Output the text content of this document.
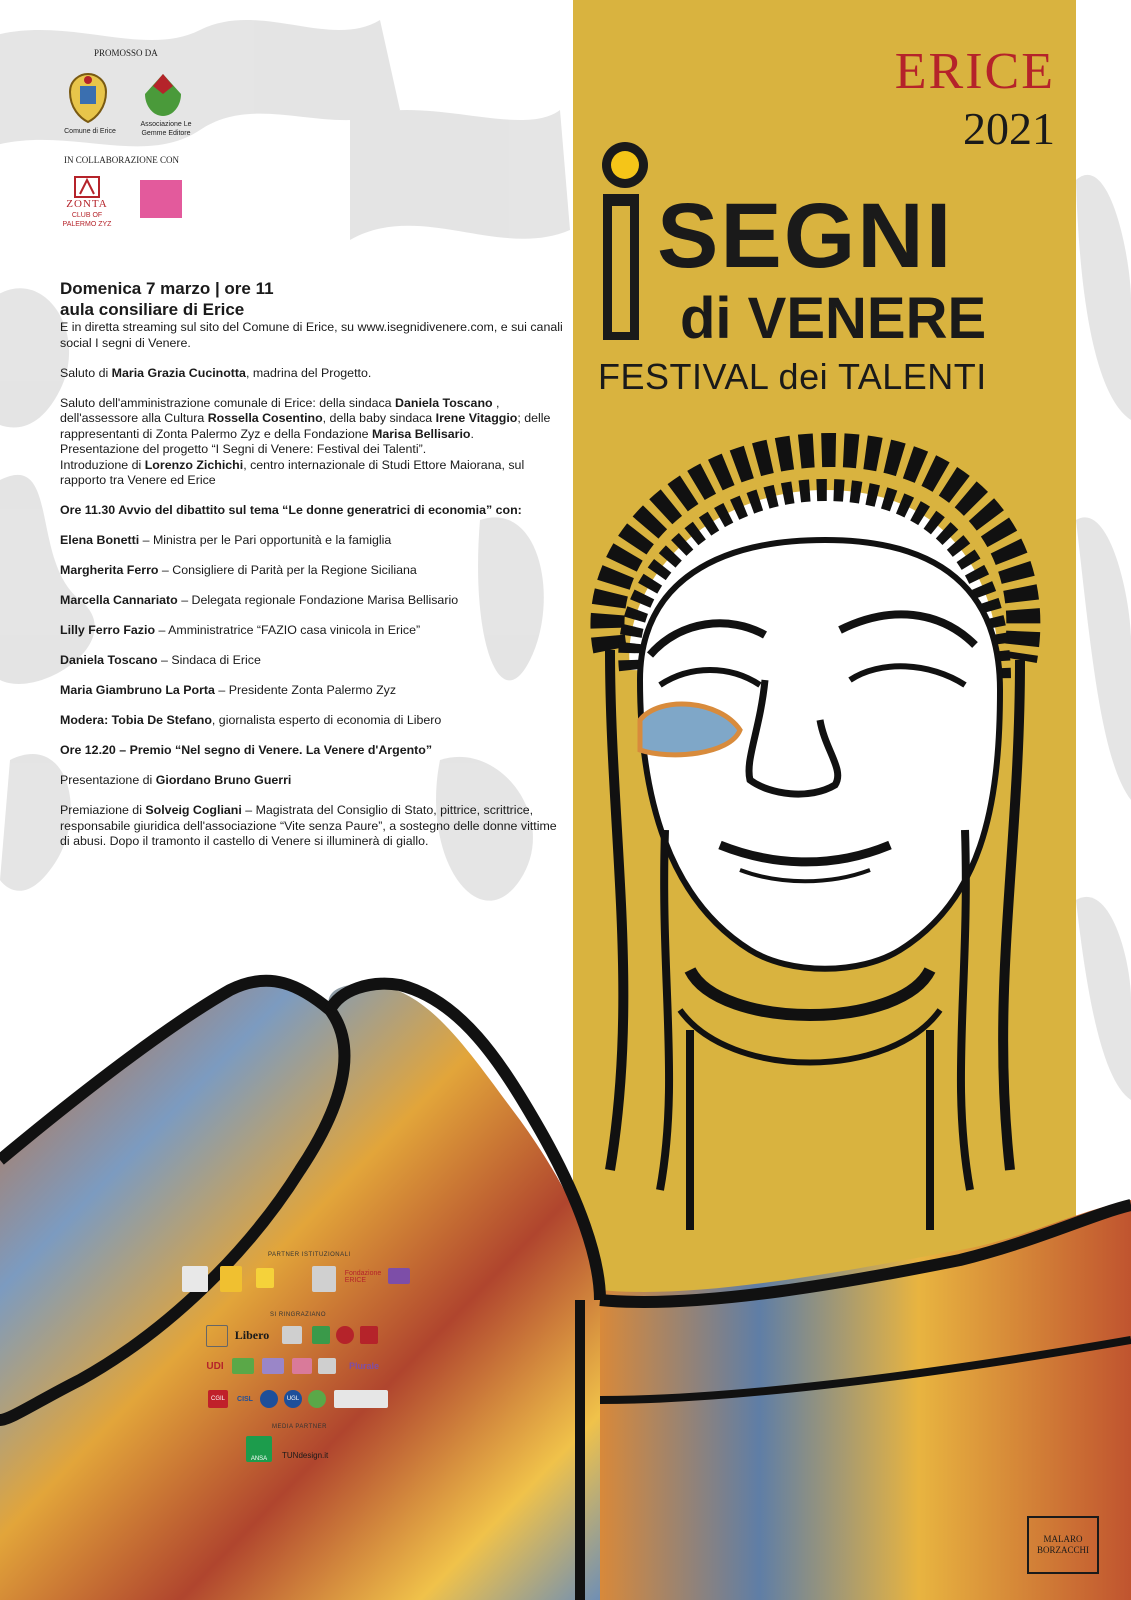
PROMOSSO DA
Comune di Erice
Associazione Le Gemme Editore
IN COLLABORAZIONE CON
ZONTA
CLUB OF PALERMO ZYZ
ERICE
2021
SEGNI
di VENERE
FESTIVAL dei TALENTI
Domenica 7 marzo | ore 11
aula consiliare di Erice

E in diretta streaming sul sito del Comune di Erice, su www.isegnidivenere.com, e sui canali social I segni di Venere.

Saluto di Maria Grazia Cucinotta, madrina del Progetto.

Saluto dell'amministrazione comunale di Erice: della sindaca Daniela Toscano , dell'assessore alla Cultura Rossella Cosentino, della baby sindaca Irene Vitaggio; delle rappresentanti di Zonta Palermo Zyz e della Fondazione Marisa Bellisario.

Presentazione del progetto “I Segni di Venere: Festival dei Talenti”.

Introduzione di Lorenzo Zichichi, centro internazionale di Studi Ettore Maiorana, sul rapporto tra Venere ed Erice

Ore 11.30 Avvio del dibattito sul tema “Le donne generatrici di economia” con:

Elena Bonetti – Ministra per le Pari opportunità e la famiglia

Margherita Ferro – Consigliere di Parità per la Regione Siciliana

Marcella Cannariato – Delegata regionale Fondazione Marisa Bellisario

Lilly Ferro Fazio – Amministratrice “FAZIO casa vinicola in Erice”

Daniela Toscano – Sindaca di Erice

Maria Giambruno La Porta – Presidente Zonta Palermo Zyz

Modera: Tobia De Stefano, giornalista esperto di economia di Libero

Ore 12.20 – Premio “Nel segno di Venere. La Venere d'Argento”

Presentazione di Giordano Bruno Guerri

Premiazione di Solveig Cogliani – Magistrata del Consiglio di Stato, pittrice, scrittrice, responsabile giuridica dell'associazione “Vite senza Paure”, a sostegno delle donne vittime di abusi. Dopo il tramonto il castello di Venere si illuminerà di giallo.

PARTNER ISTITUZIONALI
Fondazione ERICE
SI RINGRAZIANO
Libero
UDI	Plurale
CGIL	CISL	UGL
MEDIA PARTNER
ANSA	TUNdesign.it
MALARO BORZACCHI
